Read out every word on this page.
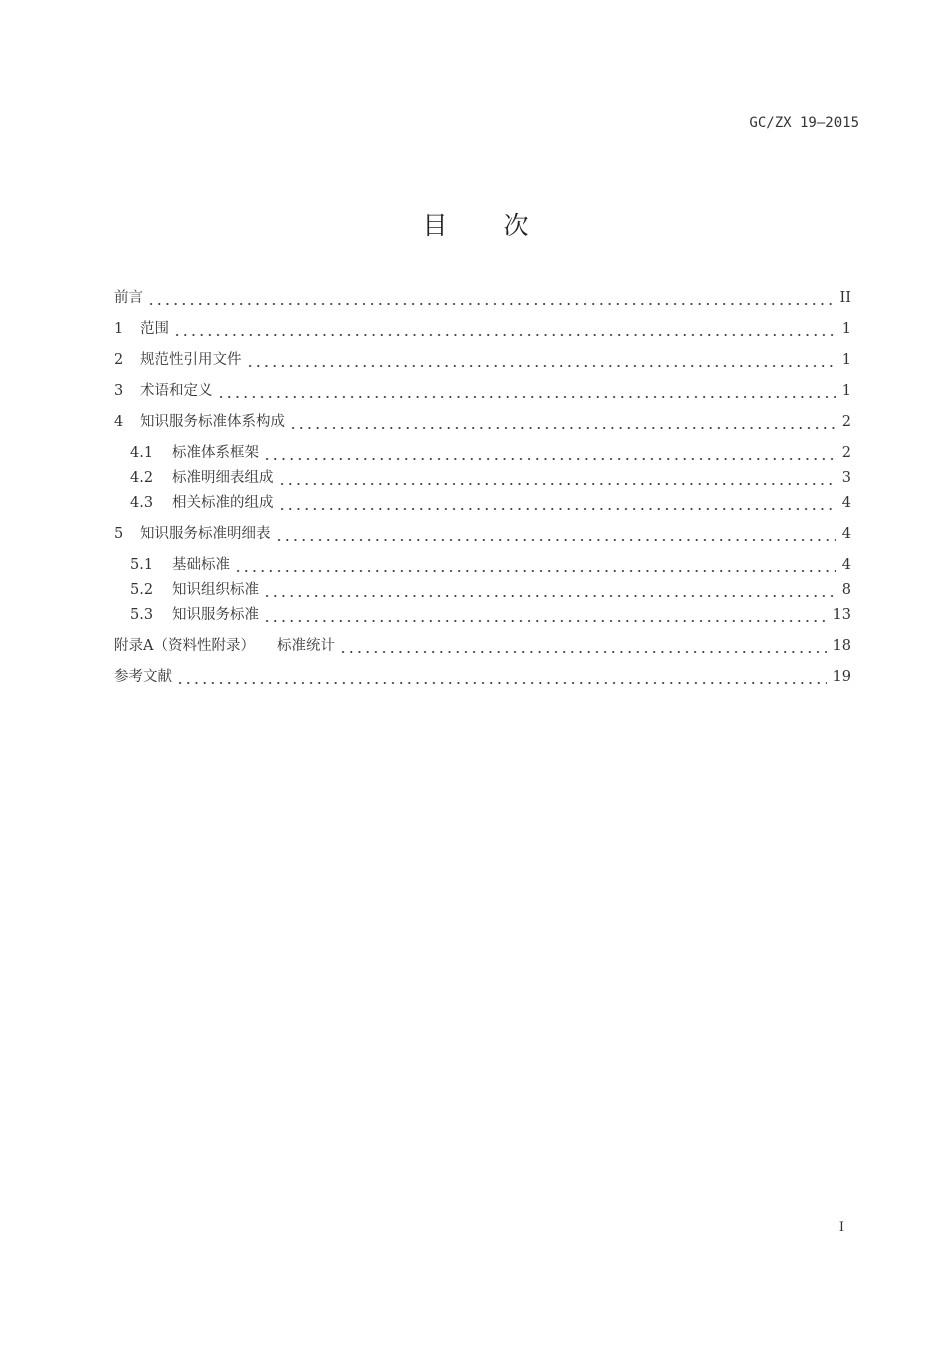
GC/ZX 19—2015
目 次
前言	II
1	范围	1
2	规范性引用文件	1
3	术语和定义	1
4	知识服务标准体系构成	2
4.1	标准体系框架	2
4.2	标准明细表组成	3
4.3	相关标准的组成	4
5	知识服务标准明细表	4
5.1	基础标准	4
5.2	知识组织标准	8
5.3	知识服务标准	13
附录A（资料性附录） 标准统计	18
参考文献	19
I
